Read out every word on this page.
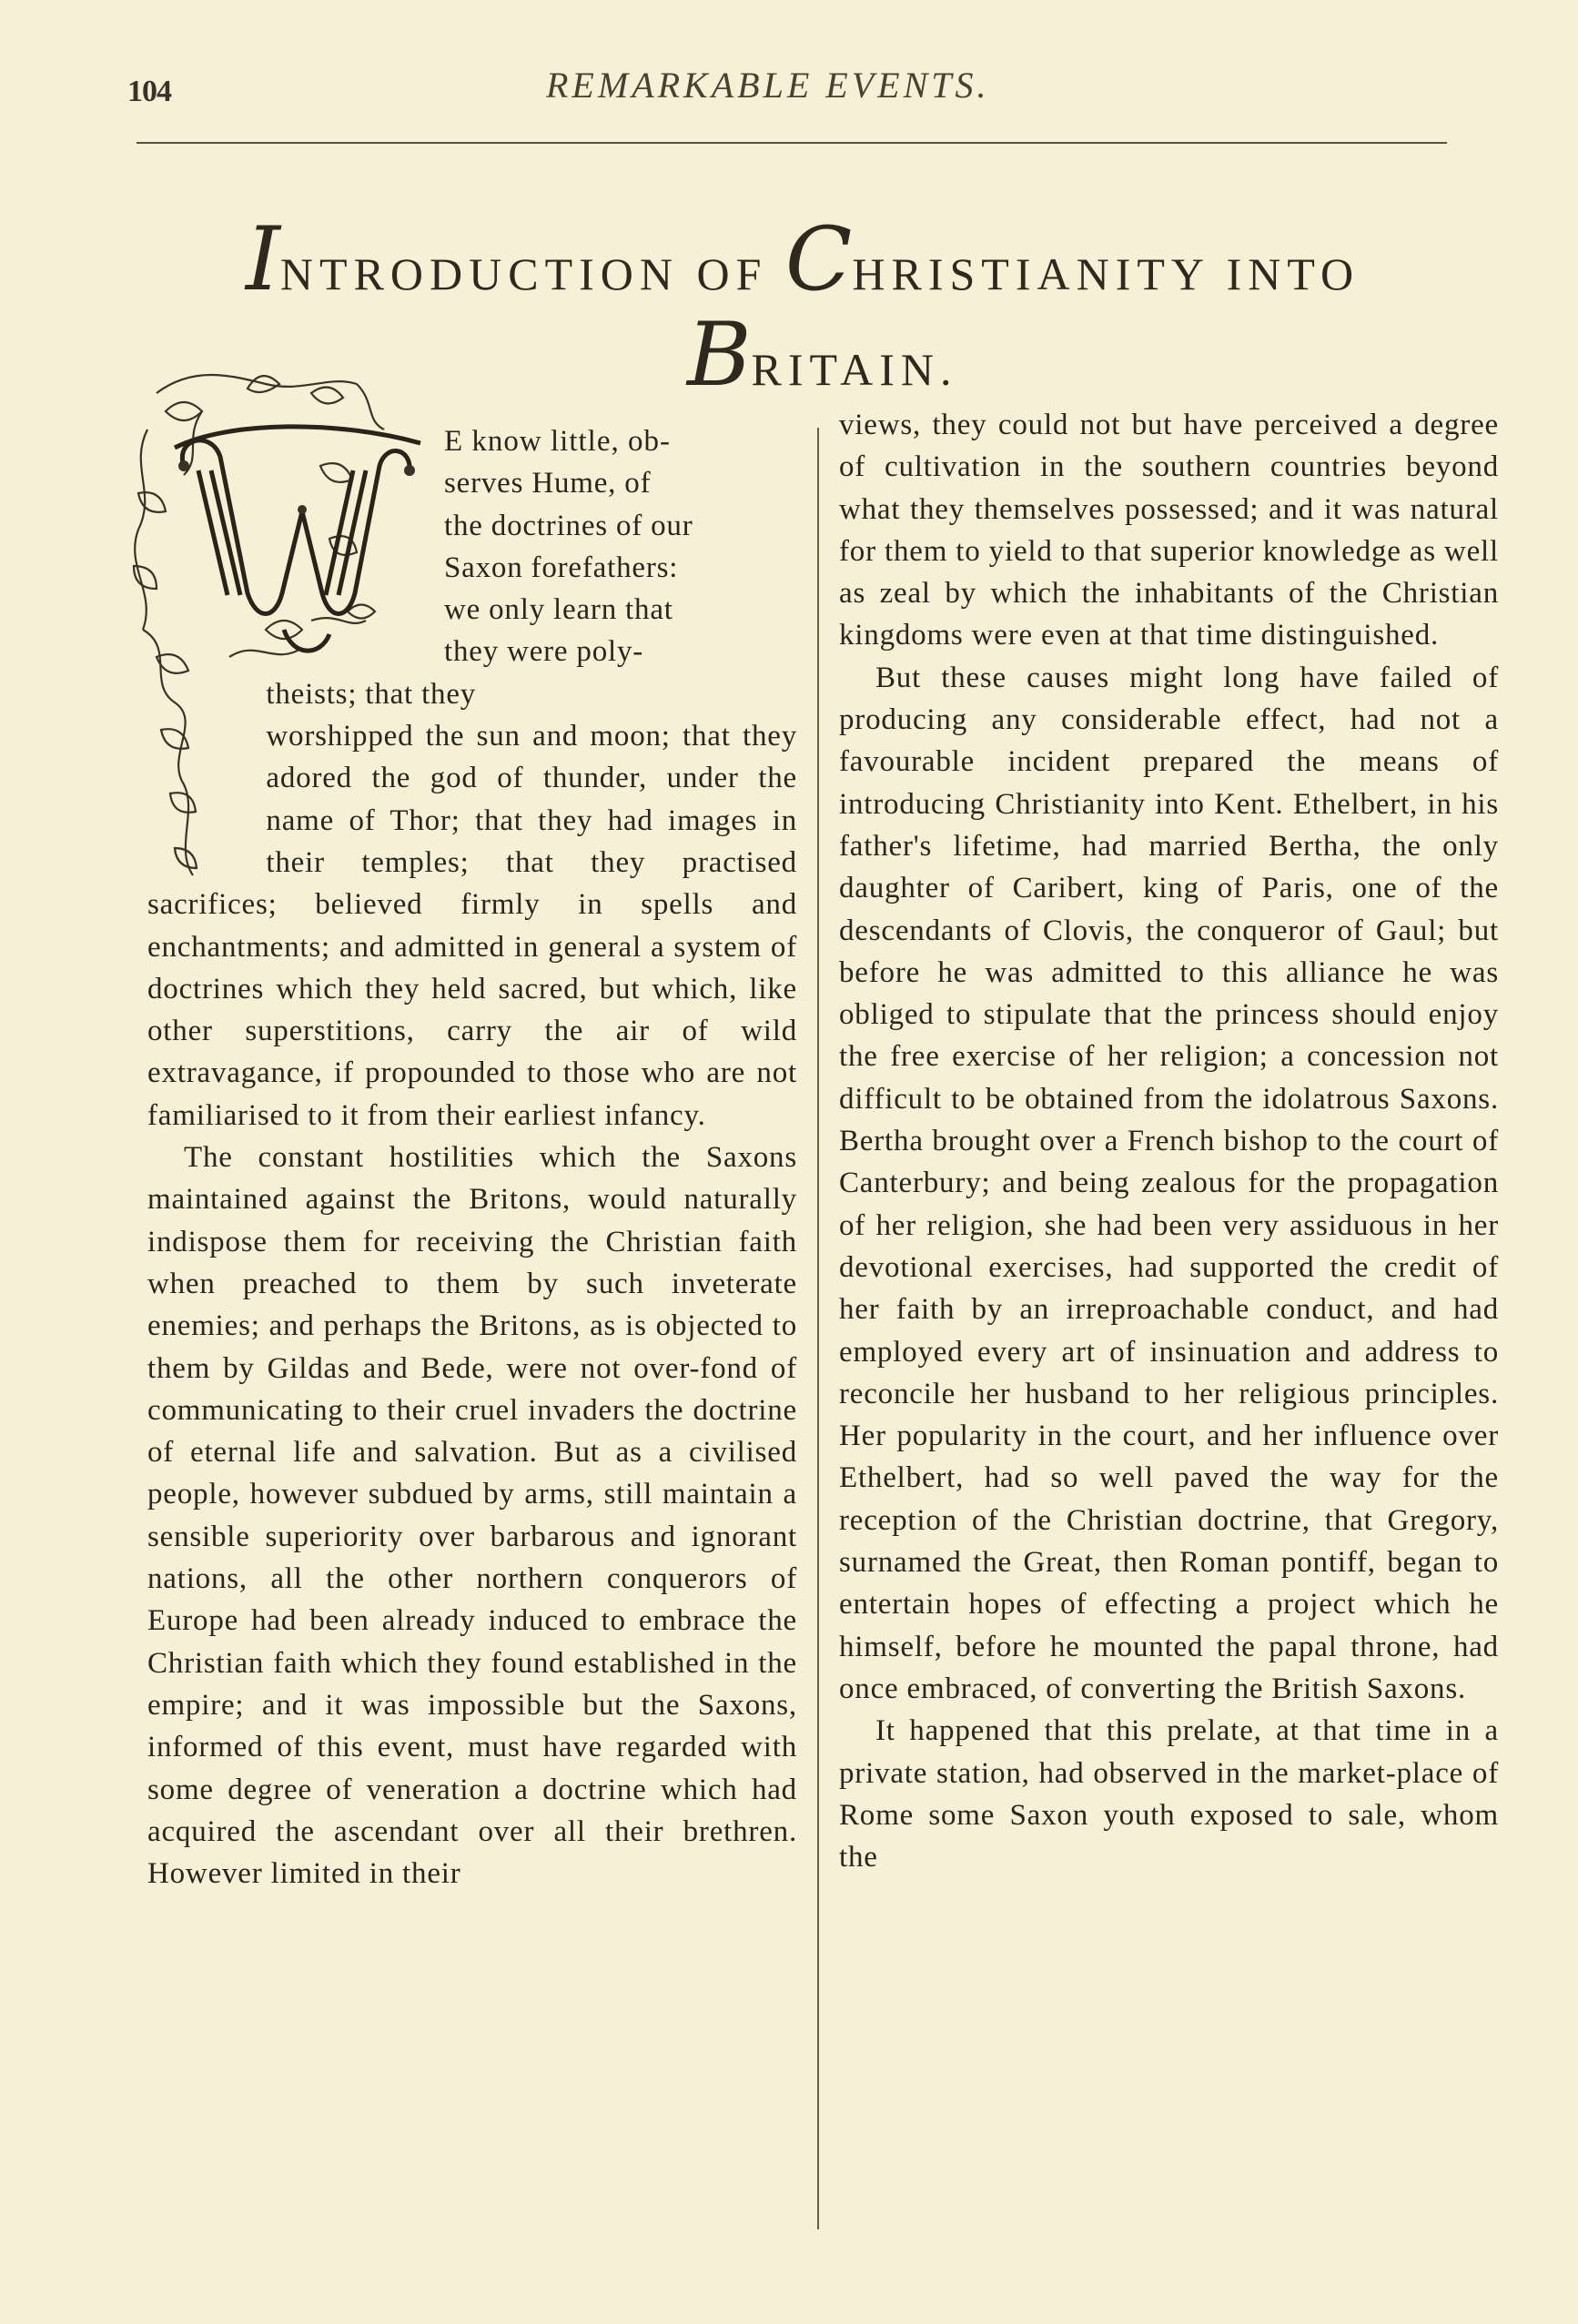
104	REMARKABLE EVENTS.
INTRODUCTION OF CHRISTIANITY INTO
BRITAIN.

E know little, ob-
serves Hume, of
the doctrines of our
Saxon forefathers:
we only learn that
they were poly-
theists; that they
worshipped the sun and moon; that they adored the god of thunder, under the name of Thor; that they had images in their temples; that they practised sacrifices; believed firmly in spells and enchantments; and admitted in general a system of doctrines which they held sacred, but which, like other superstitions, carry the air of wild extravagance, if propounded to those who are not familiarised to it from their earliest infancy.

The constant hostilities which the Saxons maintained against the Britons, would naturally indispose them for receiving the Christian faith when preached to them by such inveterate enemies; and perhaps the Britons, as is objected to them by Gildas and Bede, were not over-fond of communicating to their cruel invaders the doctrine of eternal life and salvation. But as a civilised people, however subdued by arms, still maintain a sensible superiority over barbarous and ignorant nations, all the other northern conquerors of Europe had been already induced to embrace the Christian faith which they found established in the empire; and it was impossible but the Saxons, informed of this event, must have regarded with some degree of veneration a doctrine which had acquired the ascendant over all their brethren. However limited in their

views, they could not but have perceived a degree of cultivation in the southern countries beyond what they themselves possessed; and it was natural for them to yield to that superior knowledge as well as zeal by which the inhabitants of the Christian kingdoms were even at that time distinguished.

But these causes might long have failed of producing any considerable effect, had not a favourable incident prepared the means of introducing Christianity into Kent. Ethelbert, in his father's lifetime, had married Bertha, the only daughter of Caribert, king of Paris, one of the descendants of Clovis, the conqueror of Gaul; but before he was admitted to this alliance he was obliged to stipulate that the princess should enjoy the free exercise of her religion; a concession not difficult to be obtained from the idolatrous Saxons. Bertha brought over a French bishop to the court of Canterbury; and being zealous for the propagation of her religion, she had been very assiduous in her devotional exercises, had supported the credit of her faith by an irreproachable conduct, and had employed every art of insinuation and address to reconcile her husband to her religious principles. Her popularity in the court, and her influence over Ethelbert, had so well paved the way for the reception of the Christian doctrine, that Gregory, surnamed the Great, then Roman pontiff, began to entertain hopes of effecting a project which he himself, before he mounted the papal throne, had once embraced, of converting the British Saxons.

It happened that this prelate, at that time in a private station, had observed in the market-place of Rome some Saxon youth exposed to sale, whom the
